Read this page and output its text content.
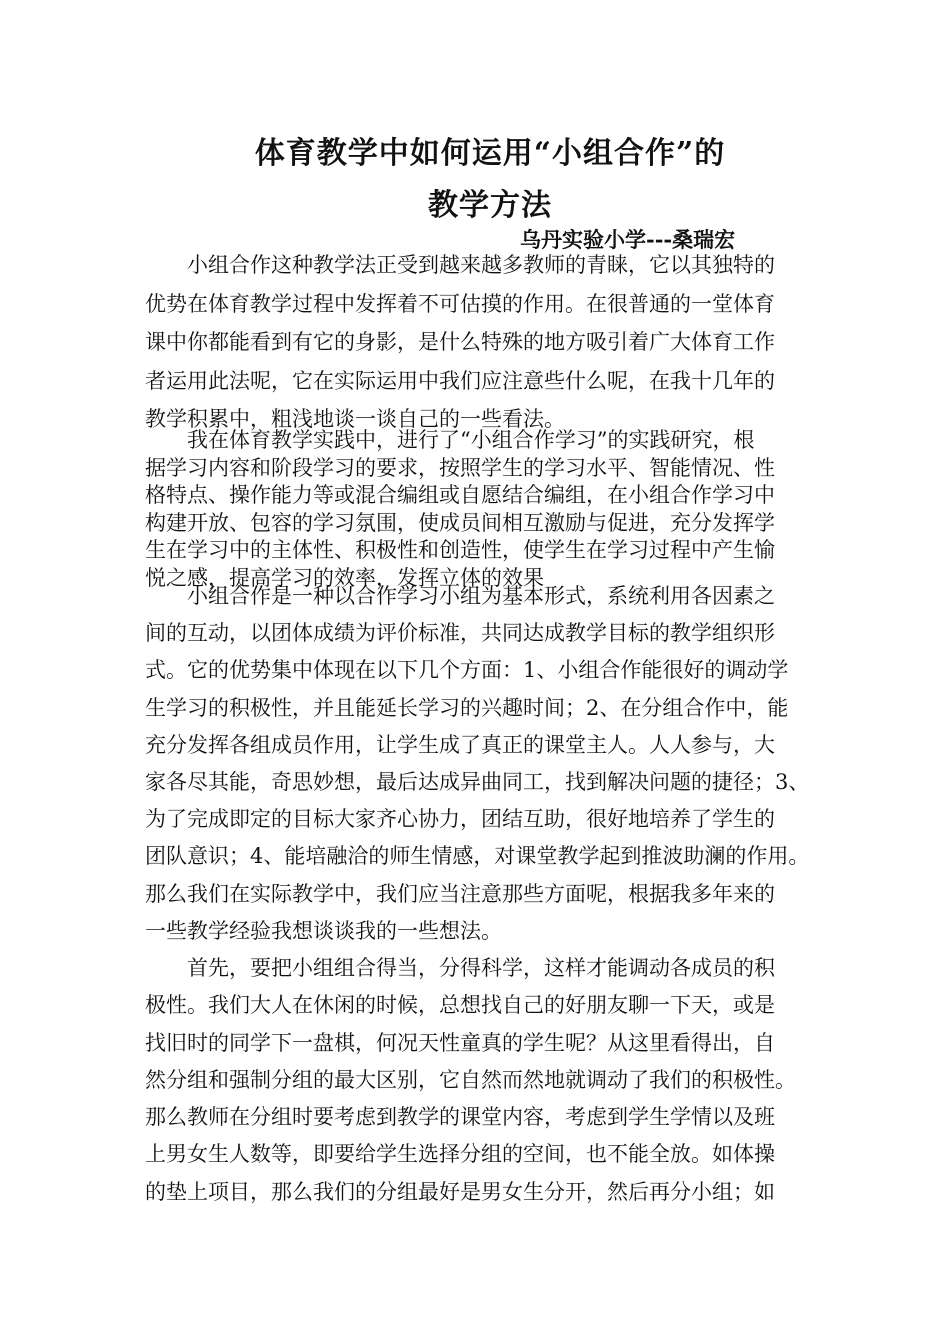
体育教学中如何运用“小组合作”的
教学方法
乌丹实验小学---桑瑞宏
　　小组合作这种教学法正受到越来越多教师的青睐，它以其独特的
优势在体育教学过程中发挥着不可估摸的作用。在很普通的一堂体育
课中你都能看到有它的身影，是什么特殊的地方吸引着广大体育工作
者运用此法呢，它在实际运用中我们应注意些什么呢，在我十几年的
教学积累中，粗浅地谈一谈自己的一些看法。
　　我在体育教学实践中，进行了“小组合作学习”的实践研究，根
据学习内容和阶段学习的要求，按照学生的学习水平、智能情况、性
格特点、操作能力等或混合编组或自愿结合编组，在小组合作学习中
构建开放、包容的学习氛围，使成员间相互激励与促进，充分发挥学
生在学习中的主体性、积极性和创造性，使学生在学习过程中产生愉
悦之感，提高学习的效率，发挥立体的效果
　　小组合作是一种以合作学习小组为基本形式，系统利用各因素之
间的互动，以团体成绩为评价标准，共同达成教学目标的教学组织形
式。它的优势集中体现在以下几个方面：1、小组合作能很好的调动学
生学习的积极性，并且能延长学习的兴趣时间；2、在分组合作中，能
充分发挥各组成员作用，让学生成了真正的课堂主人。人人参与，大
家各尽其能，奇思妙想，最后达成异曲同工，找到解决问题的捷径；3、
为了完成即定的目标大家齐心协力，团结互助，很好地培养了学生的
团队意识；4、能培融洽的师生情感，对课堂教学起到推波助澜的作用。
那么我们在实际教学中，我们应当注意那些方面呢，根据我多年来的
一些教学经验我想谈谈我的一些想法。
　　首先，要把小组组合得当，分得科学，这样才能调动各成员的积
极性。我们大人在休闲的时候，总想找自己的好朋友聊一下天，或是
找旧时的同学下一盘棋，何况天性童真的学生呢？从这里看得出，自
然分组和强制分组的最大区别，它自然而然地就调动了我们的积极性。
那么教师在分组时要考虑到教学的课堂内容，考虑到学生学情以及班
上男女生人数等，即要给学生选择分组的空间，也不能全放。如体操
的垫上项目，那么我们的分组最好是男女生分开，然后再分小组；如
